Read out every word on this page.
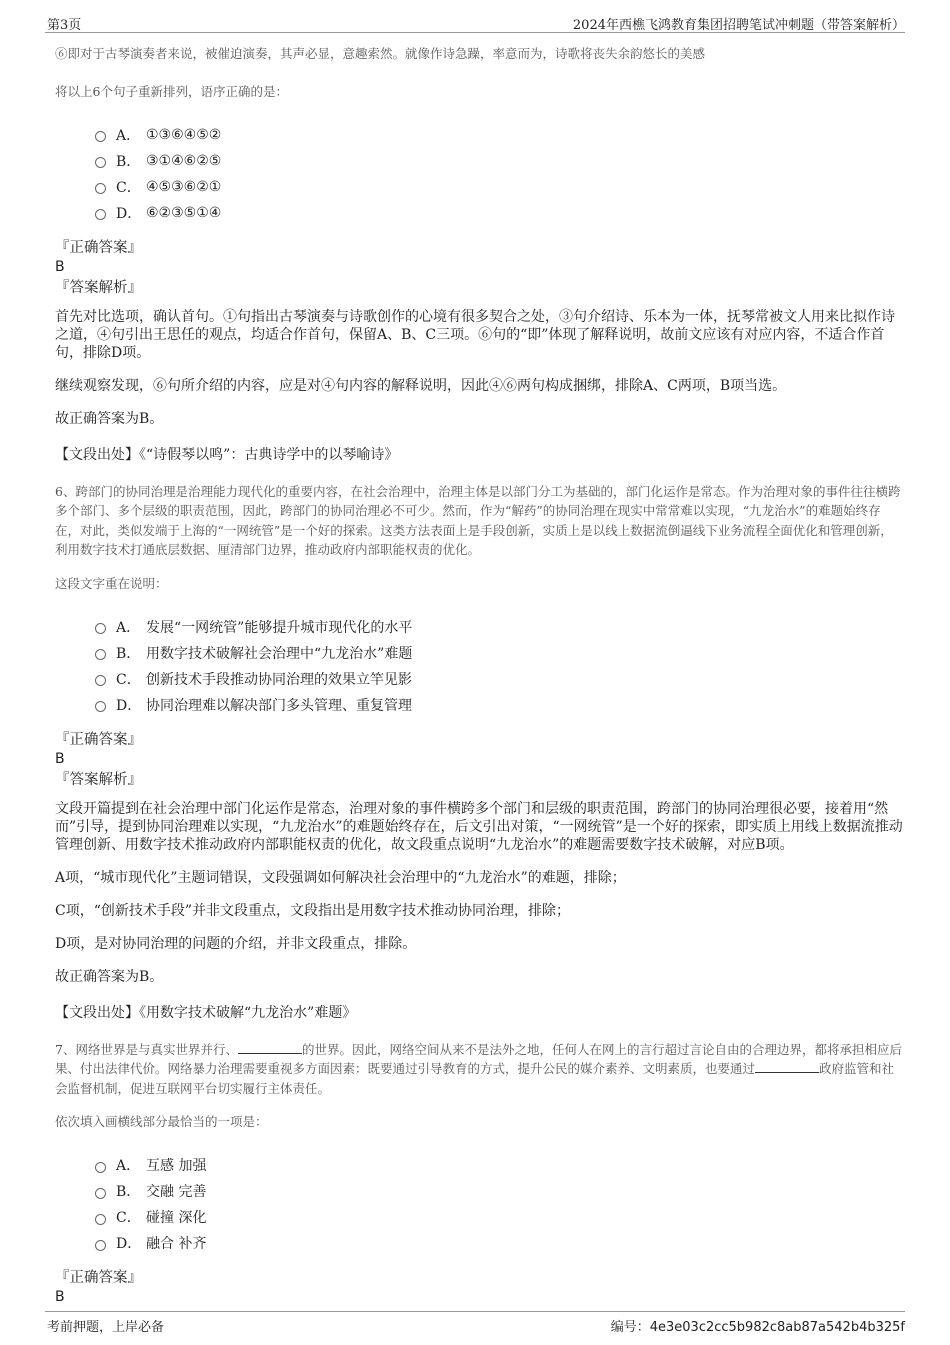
第3页	2024年西樵飞鸿教育集团招聘笔试冲刺题（带答案解析）

⑥即对于古琴演奏者来说，被催迫演奏，其声必显，意趣索然。就像作诗急躁，率意而为，诗歌将丧失余韵悠长的美感

将以上6个句子重新排列，语序正确的是：

A． ①③⑥④⑤②
B． ③①④⑥②⑤
C． ④⑤③⑥②①
D． ⑥②③⑤①④

『正确答案』

B

『答案解析』

首先对比选项，确认首句。①句指出古琴演奏与诗歌创作的心境有很多契合之处，③句介绍诗、乐本为一体，抚琴常被文人用来比拟作诗之道，④句引出王思任的观点，均适合作首句，保留A、B、C三项。⑥句的“即”体现了解释说明，故前文应该有对应内容，不适合作首句，排除D项。

继续观察发现，⑥句所介绍的内容，应是对④句内容的解释说明，因此④⑥两句构成捆绑，排除A、C两项，B项当选。

故正确答案为B。

【文段出处】《“诗假琴以鸣”：古典诗学中的以琴喻诗》

6、跨部门的协同治理是治理能力现代化的重要内容，在社会治理中，治理主体是以部门分工为基础的，部门化运作是常态。作为治理对象的事件往往横跨多个部门、多个层级的职责范围，因此，跨部门的协同治理必不可少。然而，作为“解药”的协同治理在现实中常常难以实现，“九龙治水”的难题始终存在，对此，类似发端于上海的“一网统管”是一个好的探索。这类方法表面上是手段创新，实质上是以线上数据流倒逼线下业务流程全面优化和管理创新，利用数字技术打通底层数据、厘清部门边界，推动政府内部职能权责的优化。

这段文字重在说明：

A． 发展“一网统管”能够提升城市现代化的水平
B． 用数字技术破解社会治理中“九龙治水”难题
C． 创新技术手段推动协同治理的效果立竿见影
D． 协同治理难以解决部门多头管理、重复管理

『正确答案』

B

『答案解析』

文段开篇提到在社会治理中部门化运作是常态，治理对象的事件横跨多个部门和层级的职责范围，跨部门的协同治理很必要，接着用“然而”引导，提到协同治理难以实现，“九龙治水”的难题始终存在，后文引出对策，“一网统管”是一个好的探索，即实质上用线上数据流推动管理创新、用数字技术推动政府内部职能权责的优化，故文段重点说明“九龙治水”的难题需要数字技术破解，对应B项。

A项，“城市现代化”主题词错误，文段强调如何解决社会治理中的“九龙治水”的难题，排除；

C项，“创新技术手段”并非文段重点，文段指出是用数字技术推动协同治理，排除；

D项，是对协同治理的问题的介绍，并非文段重点，排除。

故正确答案为B。

【文段出处】《用数字技术破解“九龙治水”难题》

7、网络世界是与真实世界并行、	的世界。因此，网络空间从来不是法外之地，任何人在网上的言行超过言论自由的合理边界，都将承担相应后果、付出法律代价。网络暴力治理需要重视多方面因素：既要通过引导教育的方式，提升公民的媒介素养、文明素质，也要通过	政府监管和社会监督机制，促进互联网平台切实履行主体责任。

依次填入画横线部分最恰当的一项是：

A． 互感 加强
B． 交融 完善
C． 碰撞 深化
D． 融合 补齐

『正确答案』

B

考前押题，上岸必备	编号：4e3e03c2cc5b982c8ab87a542b4b325f
